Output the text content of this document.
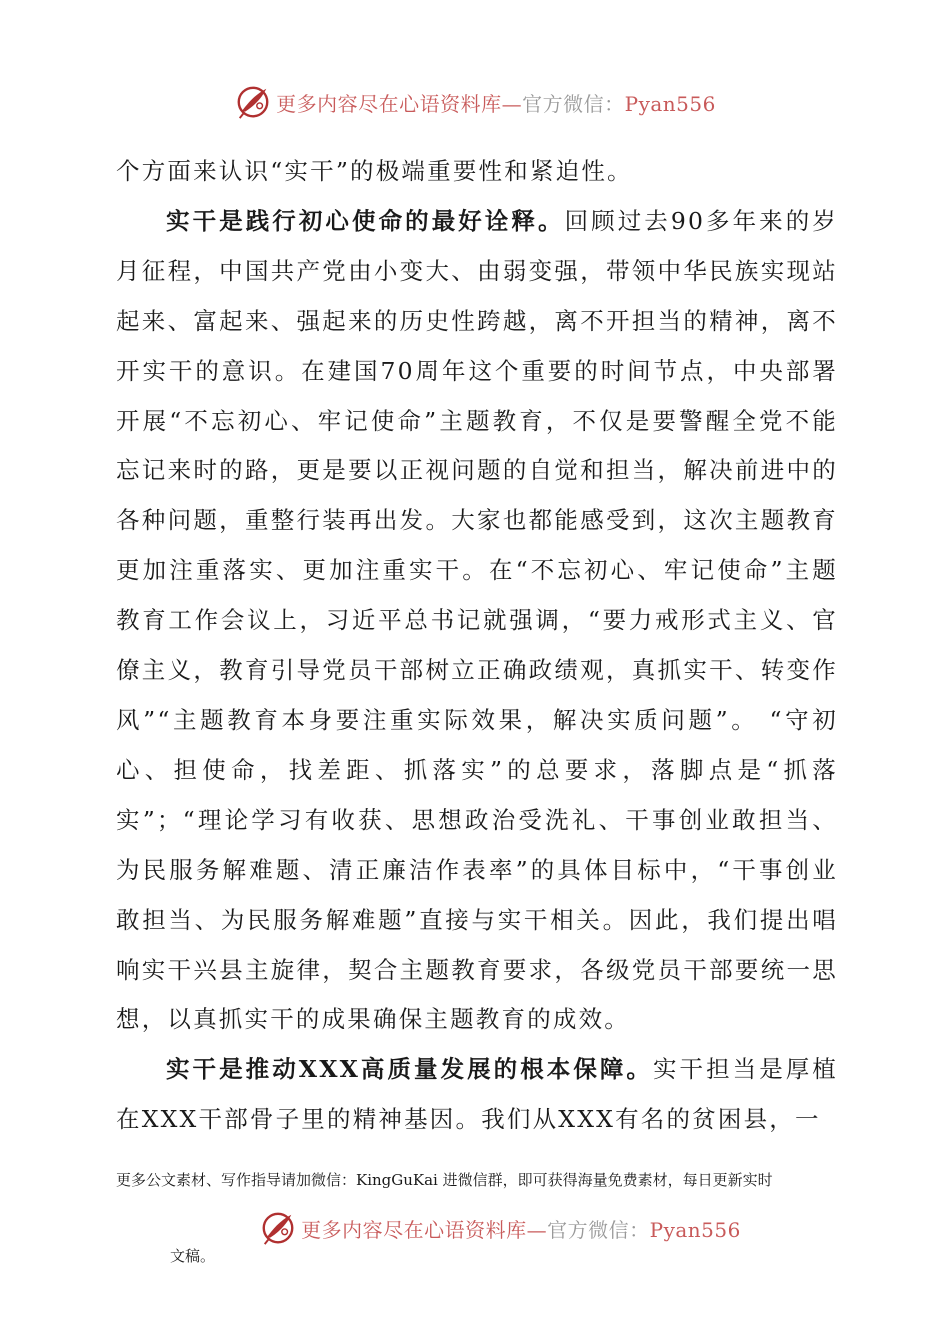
更多内容尽在心语资料库—官方微信：Pyan556

个方面来认识“实干”的极端重要性和紧迫性。

实干是践行初心使命的最好诠释。回顾过去90多年来的岁月征程，中国共产党由小变大、由弱变强，带领中华民族实现站起来、富起来、强起来的历史性跨越，离不开担当的精神，离不开实干的意识。在建国70周年这个重要的时间节点，中央部署开展“不忘初心、牢记使命”主题教育，不仅是要警醒全党不能忘记来时的路，更是要以正视问题的自觉和担当，解决前进中的各种问题，重整行装再出发。大家也都能感受到，这次主题教育更加注重落实、更加注重实干。在“不忘初心、牢记使命”主题教育工作会议上，习近平总书记就强调，“要力戒形式主义、官僚主义，教育引导党员干部树立正确政绩观，真抓实干、转变作风”“主题教育本身要注重实际效果，解决实质问题”。 “守初心、担使命，找差距、抓落实”的总要求，落脚点是“抓落实”；“理论学习有收获、思想政治受洗礼、干事创业敢担当、为民服务解难题、清正廉洁作表率”的具体目标中，“干事创业敢担当、为民服务解难题”直接与实干相关。因此，我们提出唱响实干兴县主旋律，契合主题教育要求，各级党员干部要统一思想，以真抓实干的成果确保主题教育的成效。

实干是推动XXX高质量发展的根本保障。实干担当是厚植在XXX干部骨子里的精神基因。我们从XXX有名的贫困县，一

更多公文素材、写作指导请加微信：KingGuKai 进微信群，即可获得海量免费素材，每日更新实时
更多内容尽在心语资料库—官方微信：Pyan556
文稿。
